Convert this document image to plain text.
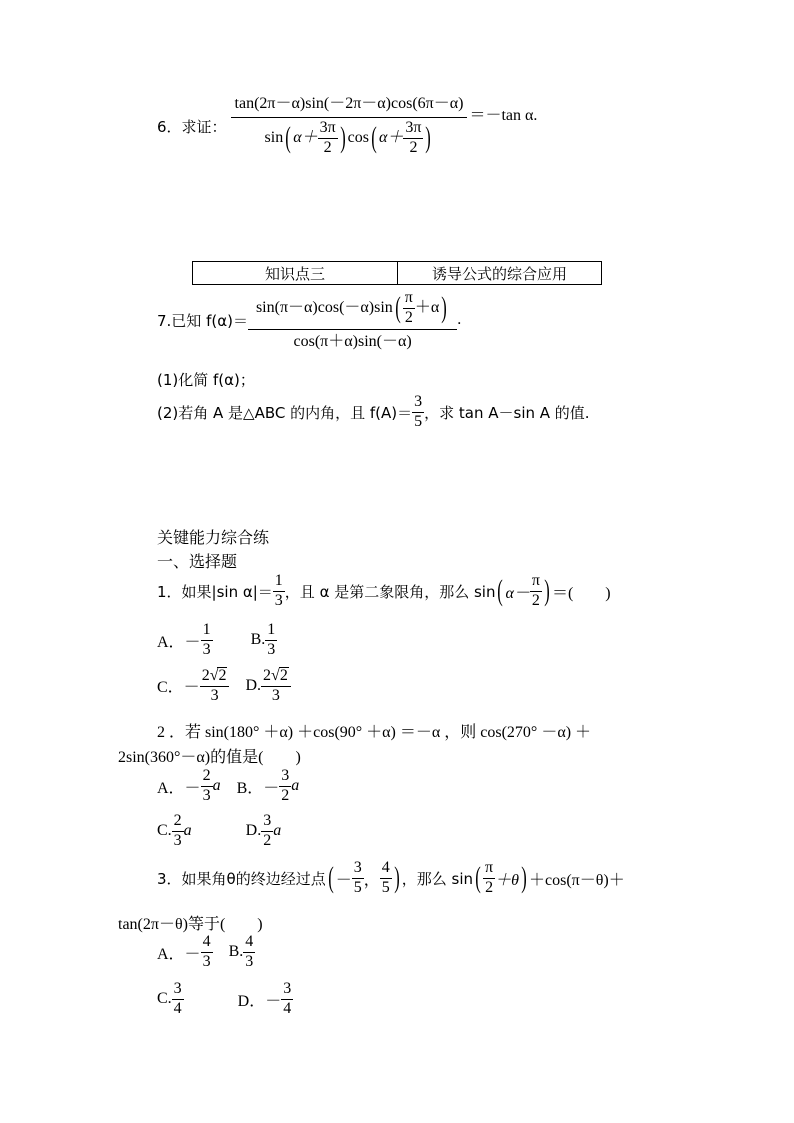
6．求证：
tan(2π－α)sin(－2π－α)cos(6π－α)
sin ( $\alpha+ \frac{3\pi}{2}$ ) cos ( $\alpha+ \frac{3\pi}{2}$ )
＝－tan α.
知识点三	诱导公式的综合应用
7.已知 f(α)＝
sin(π－α)cos(－α)sin ( $\frac{\pi}{2} +\alpha$ )
cos(π＋α)sin(－α)
.
(1)化简 f(α)；
(2)若角 A 是△ABC 的内角，且 $f(A)= \frac{3}{5}$ ，求 tan A－sin A 的值.
关键能力综合练
一、选择题
1．如果|sin $\alpha|= \frac{1}{3}$ ，且 α 是第二象限角，那么 sin ( $\alpha- \frac{\pi}{2}$ ) ＝(　　)
A．－ $\frac{1}{3} B$. $\frac{1}{3}$
C．－ $\frac{2 √ 2}{3} D$. $\frac{2 √ 2}{3}$
2 ．若 sin(180° ＋α) ＋cos(90° ＋α) ＝－α ，则 cos(270° －α) ＋
2sin(360°－α)的值是(　　)
A．－ $\frac{2}{3}$ a B．－ $\frac{3}{2}$ a
C. $\frac{2}{3}$ a	D. $\frac{3}{2}$ a
3．如果角θ的终边经过点 ( － $\frac{3}{5}$ ， $\frac{4}{5}$ ) ，那么 sin ( $\frac{\pi}{2} +\theta$ ) ＋cos(π－θ)＋
tan(2π－θ)等于(　　)
A．－ $\frac{4}{3} B$. $\frac{4}{3}$
C. $\frac{3}{4}$	D．－ $\frac{3}{4}$
